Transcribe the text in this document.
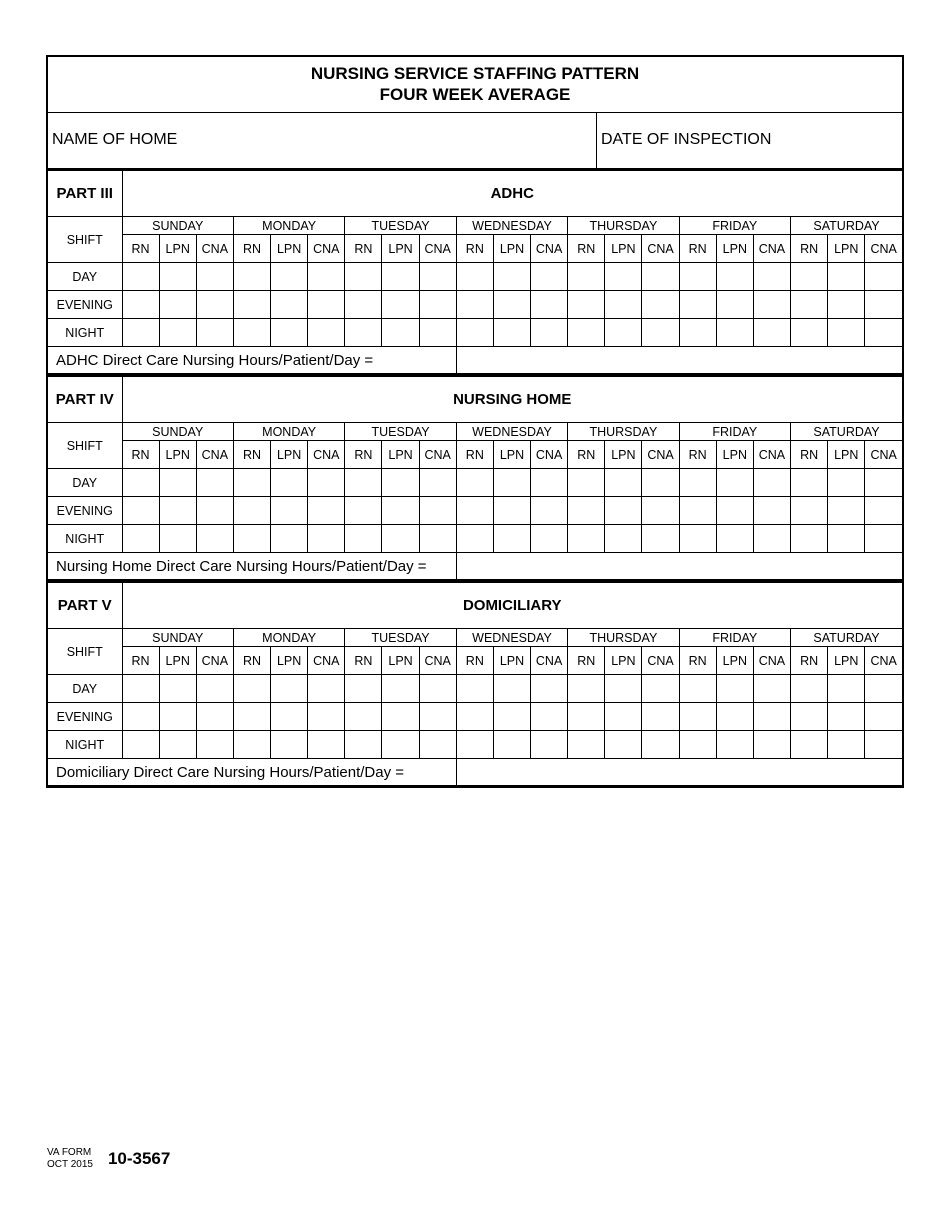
NURSING SERVICE STAFFING PATTERN
FOUR WEEK AVERAGE
NAME OF HOME	DATE OF INSPECTION
PART III	ADHC																				
SHIFT	SUNDAY			MONDAY			TUESDAY			WEDNESDAY			THURSDAY			FRIDAY			SATURDAY		
	RN	LPN	CNA	RN	LPN	CNA	RN	LPN	CNA	RN	LPN	CNA	RN	LPN	CNA	RN	LPN	CNA	RN	LPN	CNA
DAY																					
EVENING																					
NIGHT																					
ADHC Direct Care Nursing Hours/Patient/Day =																					
PART IV	NURSING HOME																				
SHIFT	SUNDAY			MONDAY			TUESDAY			WEDNESDAY			THURSDAY			FRIDAY			SATURDAY		
	RN	LPN	CNA	RN	LPN	CNA	RN	LPN	CNA	RN	LPN	CNA	RN	LPN	CNA	RN	LPN	CNA	RN	LPN	CNA
DAY																					
EVENING																					
NIGHT																					
Nursing Home Direct Care Nursing Hours/Patient/Day =																					
PART V	DOMICILIARY																				
SHIFT	SUNDAY			MONDAY			TUESDAY			WEDNESDAY			THURSDAY			FRIDAY			SATURDAY		
	RN	LPN	CNA	RN	LPN	CNA	RN	LPN	CNA	RN	LPN	CNA	RN	LPN	CNA	RN	LPN	CNA	RN	LPN	CNA
DAY																					
EVENING																					
NIGHT																					
Domiciliary Direct Care Nursing Hours/Patient/Day =																					
VA FORM
OCT 2015 10-3567
